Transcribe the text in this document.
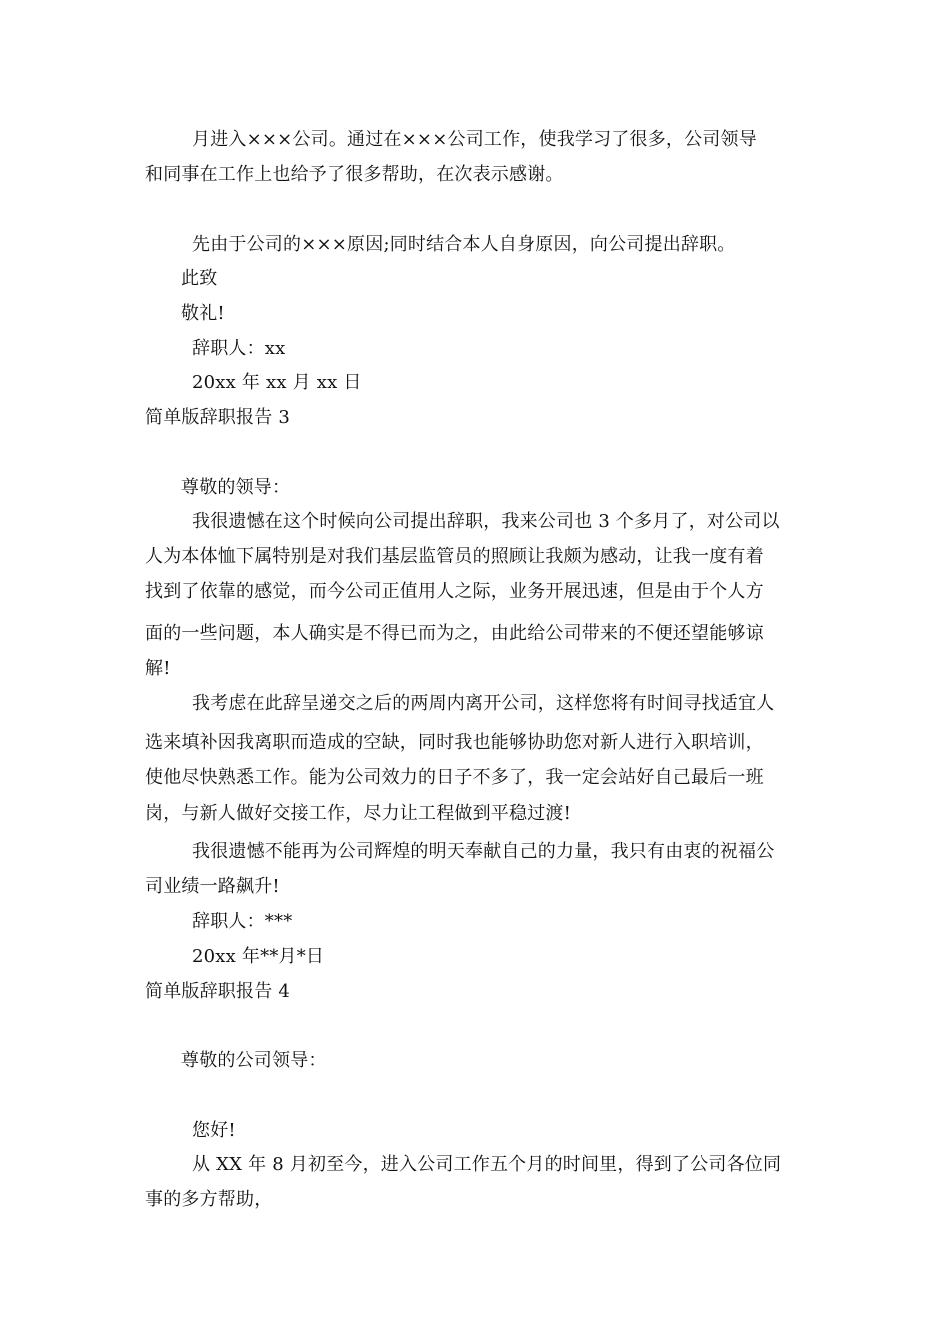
月进入×××公司。通过在×××公司工作，使我学习了很多，公司领导
和同事在工作上也给予了很多帮助，在次表示感谢。
先由于公司的×××原因;同时结合本人自身原因，向公司提出辞职。
此致
敬礼!
辞职人：xx
20xx 年 xx 月 xx 日
简单版辞职报告 3
尊敬的领导：
我很遗憾在这个时候向公司提出辞职，我来公司也 3 个多月了，对公司以
人为本体恤下属特别是对我们基层监管员的照顾让我颇为感动，让我一度有着
找到了依靠的感觉，而今公司正值用人之际，业务开展迅速，但是由于个人方
面的一些问题，本人确实是不得已而为之，由此给公司带来的不便还望能够谅
解!
我考虑在此辞呈递交之后的两周内离开公司，这样您将有时间寻找适宜人
选来填补因我离职而造成的空缺，同时我也能够协助您对新人进行入职培训，
使他尽快熟悉工作。能为公司效力的日子不多了，我一定会站好自己最后一班
岗，与新人做好交接工作，尽力让工程做到平稳过渡!
我很遗憾不能再为公司辉煌的明天奉献自己的力量，我只有由衷的祝福公
司业绩一路飙升!
辞职人：***
20xx 年**月*日
简单版辞职报告 4
尊敬的公司领导：
您好!
从 XX 年 8 月初至今，进入公司工作五个月的时间里，得到了公司各位同
事的多方帮助，
